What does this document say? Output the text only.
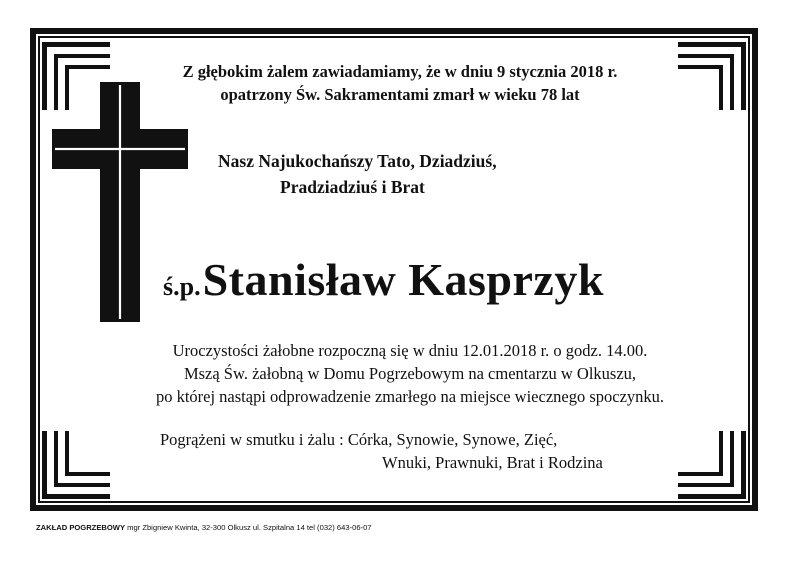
Z głębokim żalem zawiadamiamy, że w dniu 9 stycznia 2018 r.
opatrzony Św. Sakramentami zmarł w wieku 78 lat
Nasz Najukochańszy Tato, Dziadziuś,
Pradziadziuś i Brat
ś.p.Stanisław Kasprzyk
Uroczystości żałobne rozpoczną się w dniu 12.01.2018 r. o godz. 14.00.
Mszą Św. żałobną w Domu Pogrzebowym na cmentarzu w Olkuszu,
po której nastąpi odprowadzenie zmarłego na miejsce wiecznego spoczynku.
Pogrążeni w smutku i żalu : Córka, Synowie, Synowe, Zięć,
Wnuki, Prawnuki, Brat i Rodzina
ZAKŁAD POGRZEBOWY mgr Zbigniew Kwinta, 32-300 Olkusz ul. Szpitalna 14 tel (032) 643-06-07
